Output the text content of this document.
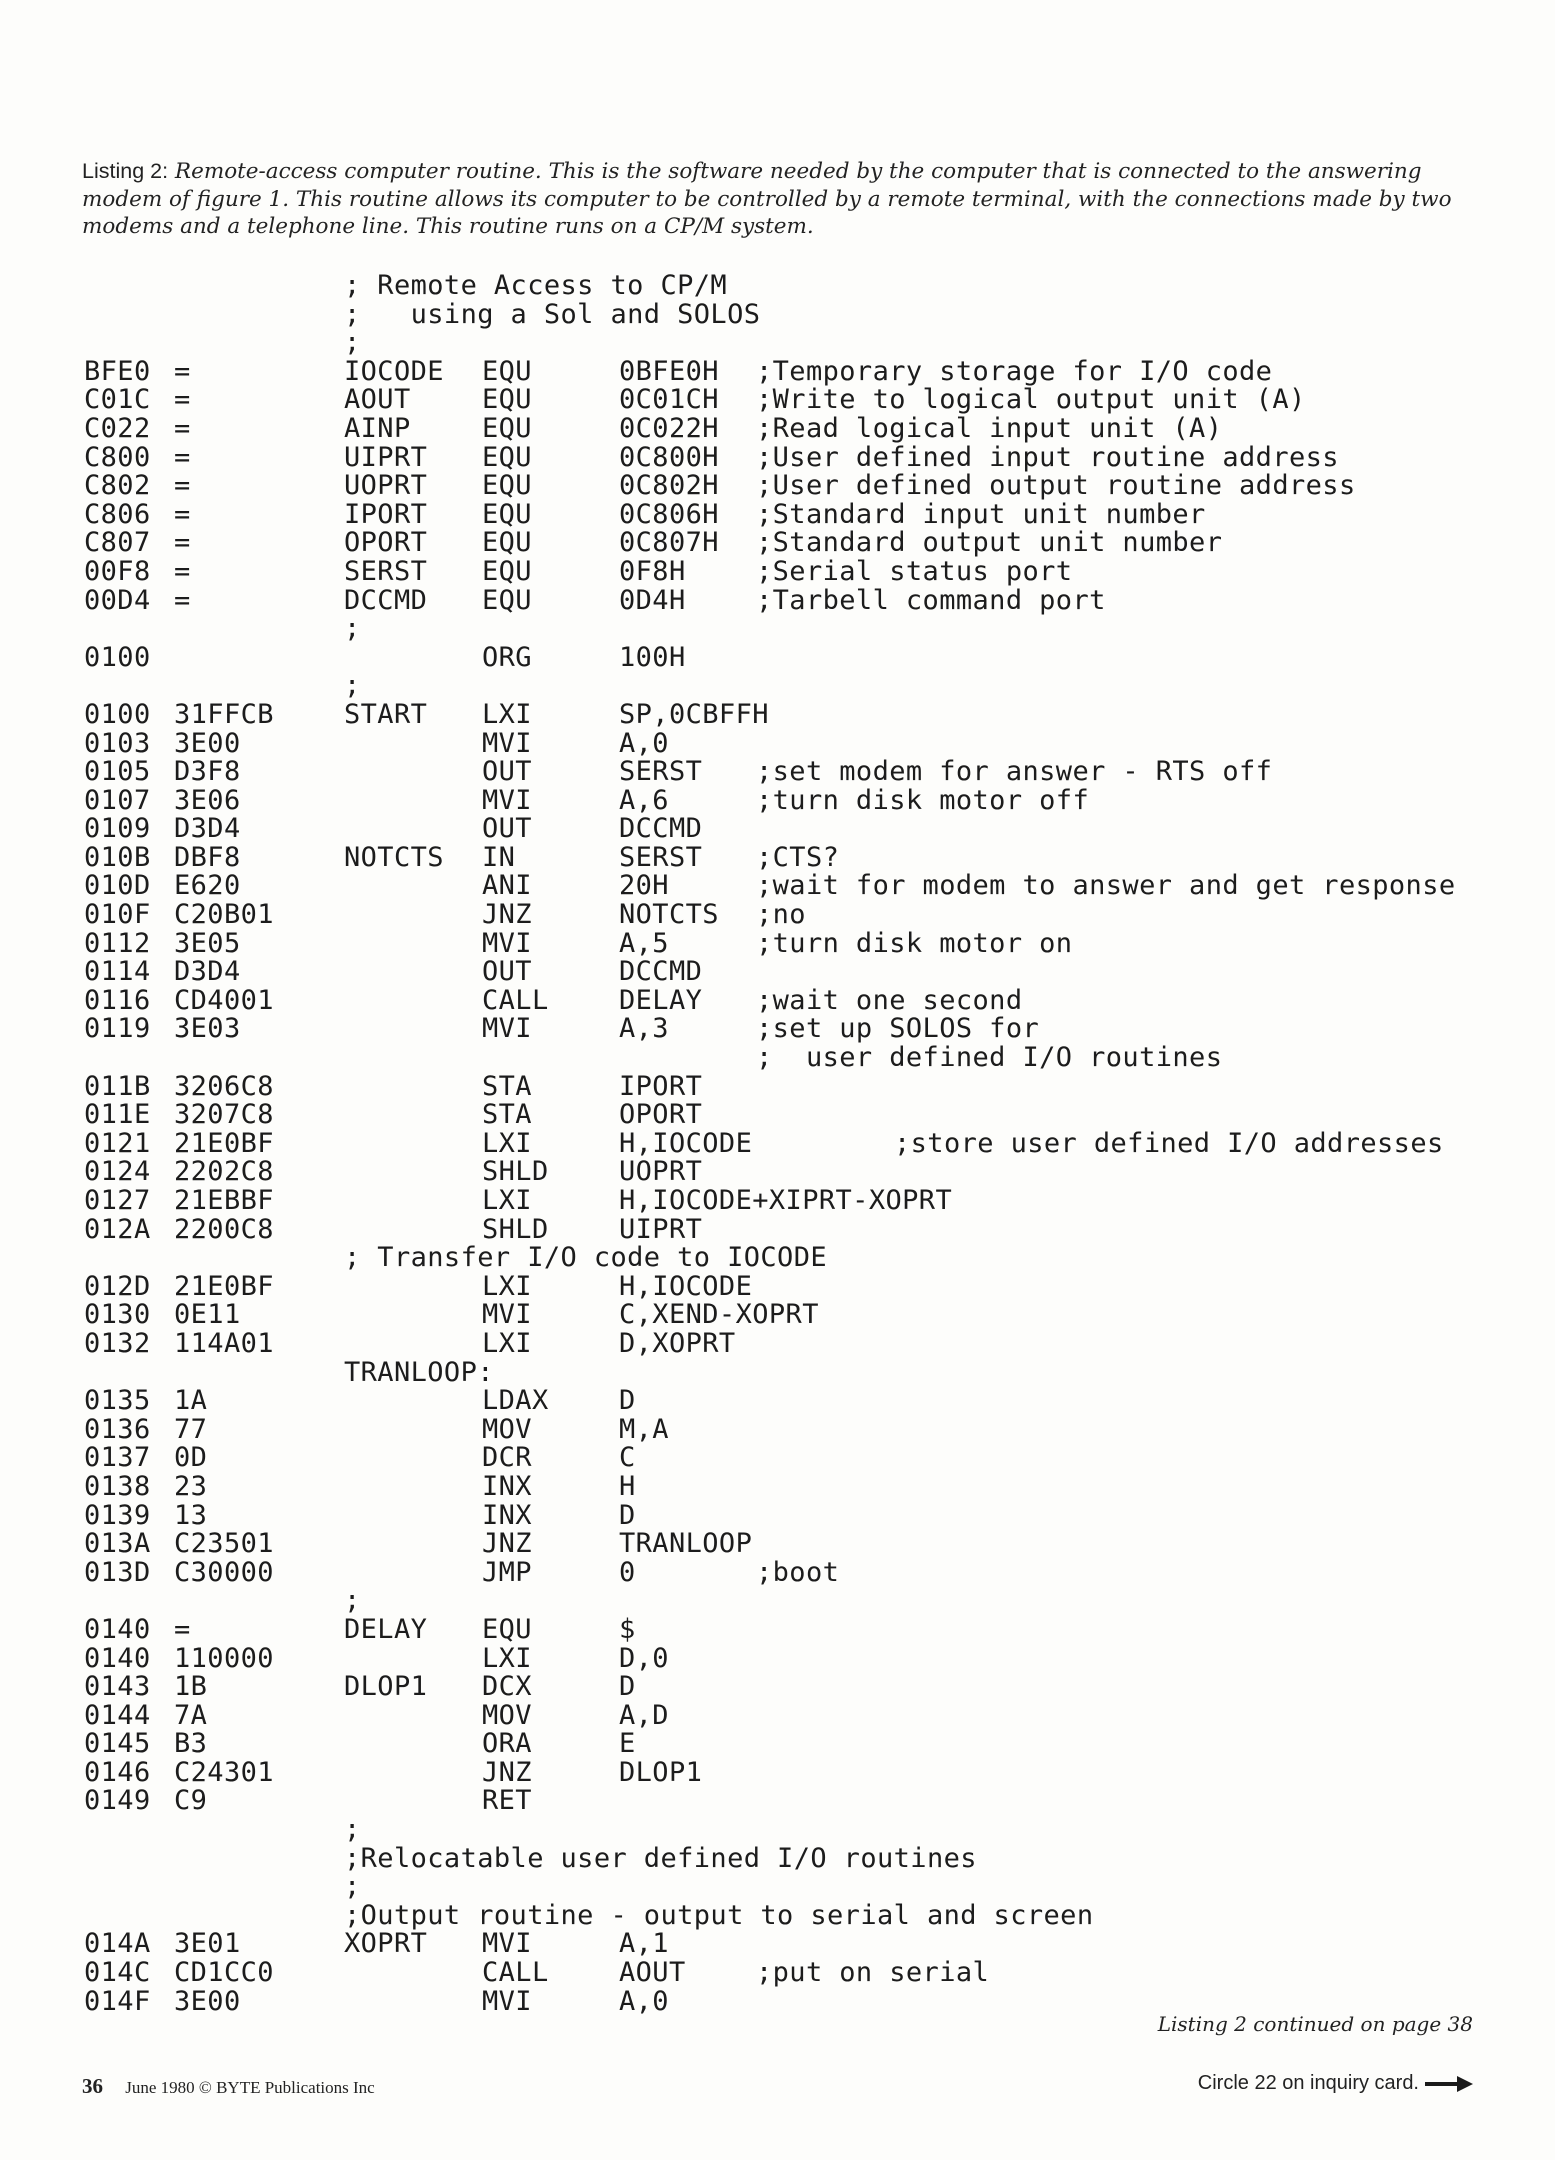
Listing 2: Remote-access computer routine. This is the software needed by the computer that is connected to the answering modem of figure 1. This routine allows its computer to be controlled by a remote terminal, with the connections made by two modems and a telephone line. This routine runs on a CP/M system.
; Remote Access to CP/M
;   using a Sol and SOLOS
;
BFE0 =	IOCODE EQU	0BFE0H ;Temporary storage for I/O code
C01C =	AOUT	EQU	0C01CH ;Write to logical output unit (A)
C022 =	AINP	EQU	0C022H ;Read logical input unit (A)
C800 =	UIPRT EQU	0C800H ;User defined input routine address
C802 =	UOPRT EQU	0C802H ;User defined output routine address
C806 =	IPORT EQU	0C806H ;Standard input unit number
C807 =	OPORT EQU	0C807H ;Standard output unit number
00F8 =	SERST EQU	0F8H	;Serial status port
00D4 =	DCCMD EQU	0D4H	;Tarbell command port
;
0100	ORG	100H
;
0100 31FFCB	START LXI	SP,0CBFFH
0103 3E00	MVI	A,0
0105 D3F8	OUT	SERST ;set modem for answer - RTS off
0107 3E06	MVI	A,6	;turn disk motor off
0109 D3D4	OUT	DCCMD
010B DBF8	NOTCTS IN	SERST ;CTS?
010D E620	ANI	20H	;wait for modem to answer and get response
010F C20B01	JNZ	NOTCTS ;no
0112 3E05	MVI	A,5	;turn disk motor on
0114 D3D4	OUT	DCCMD
0116 CD4001	CALL	DELAY ;wait one second
0119 3E03	MVI	A,3	;set up SOLOS for
;  user defined I/O routines
011B 3206C8	STA	IPORT
011E 3207C8	STA	OPORT
0121 21E0BF	LXI	H,IOCODE	;store user defined I/O addresses
0124 2202C8	SHLD	UOPRT
0127 21EBBF	LXI	H,IOCODE+XIPRT-XOPRT
012A 2200C8	SHLD	UIPRT
; Transfer I/O code to IOCODE
012D 21E0BF	LXI	H,IOCODE
0130 0E11	MVI	C,XEND-XOPRT
0132 114A01	LXI	D,XOPRT
TRANLOOP:
0135 1A	LDAX	D
0136 77	MOV	M,A
0137 0D	DCR	C
0138 23	INX	H
0139 13	INX	D
013A C23501	JNZ	TRANLOOP
013D C30000	JMP	0	;boot
;
0140 =	DELAY EQU	$
0140 110000	LXI	D,0
0143 1B	DLOP1 DCX	D
0144 7A	MOV	A,D
0145 B3	ORA	E
0146 C24301	JNZ	DLOP1
0149 C9	RET
;
;Relocatable user defined I/O routines
;
;Output routine - output to serial and screen
014A 3E01	XOPRT MVI	A,1
014C CD1CC0	CALL	AOUT	;put on serial
014F 3E00	MVI	A,0
Listing 2 continued on page 38
36 June 1980 © BYTE Publications Inc	Circle 22 on inquiry card.
